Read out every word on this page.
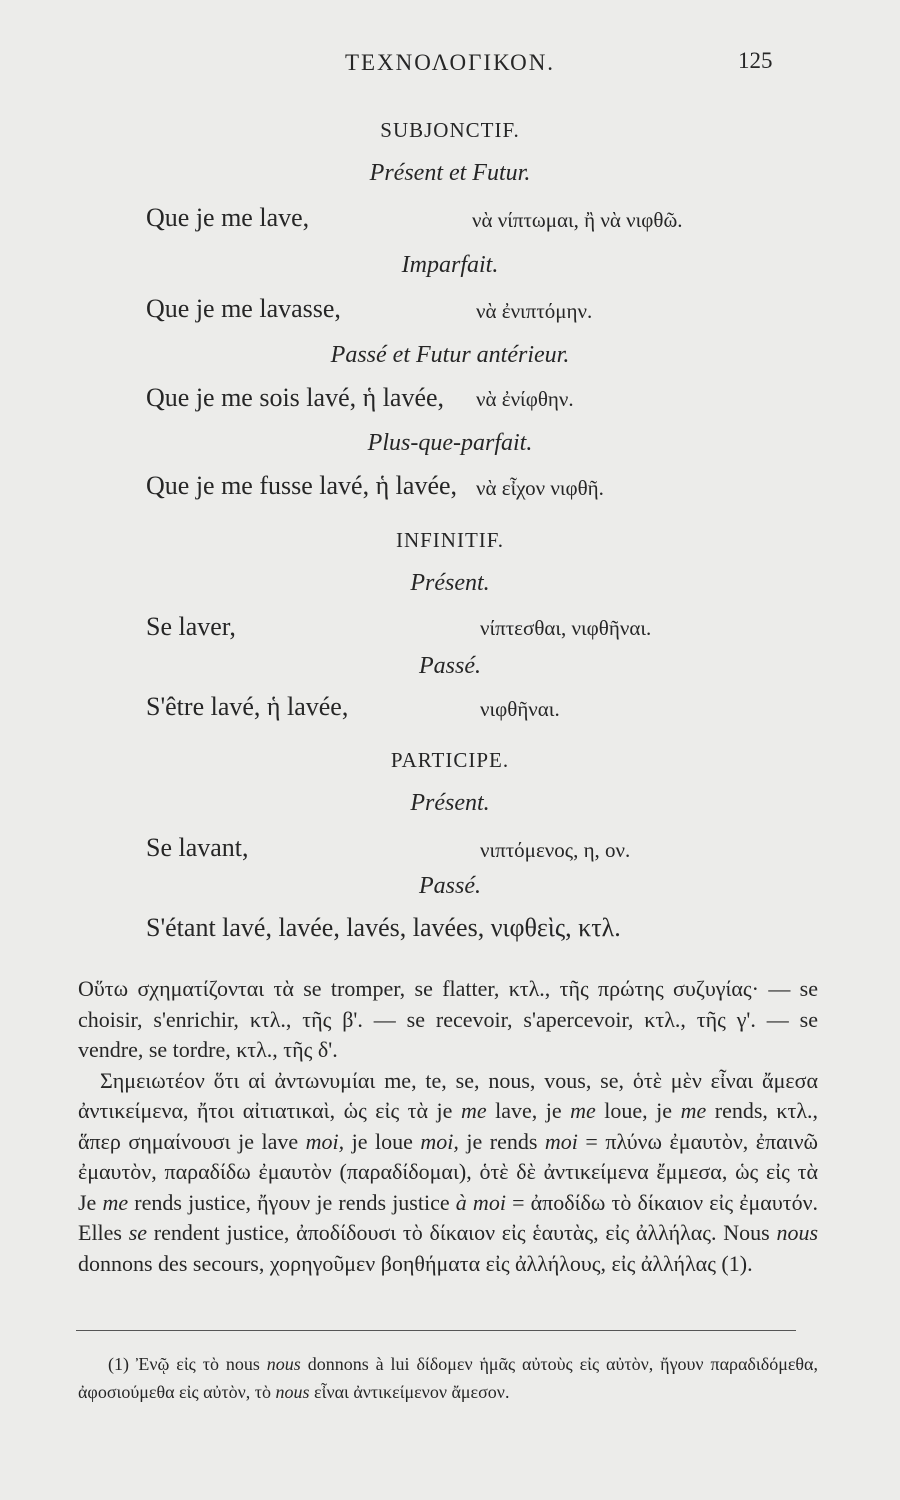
ΤΕΧΝΟΛΟΓΙΚΟΝ.	125
SUBJONCTIF.
Présent et Futur.
Que je me lave,	νὰ νίπτωμαι, ἢ νὰ νιφθῶ.
Imparfait.
Que je me lavasse,	νὰ ἐνιπτόμην.
Passé et Futur antérieur.
Que je me sois lavé, ἡ lavée, νὰ ἐνίφθην.
Plus-que-parfait.
Que je me fusse lavé, ἡ lavée, νὰ εἶχον νιφθῆ.
INFINITIF.
Présent.
Se laver,	νίπτεσθαι, νιφθῆναι.
Passé.
S'être lavé, ἡ lavée,	νιφθῆναι.
PARTICIPE.
Présent.
Se lavant,	νιπτόμενος, η, ον.
Passé.
S'étant lavé, lavée, lavés, lavées, νιφθεὶς, κτλ.

Οὕτω σχηματίζονται τὰ se tromper, se flatter, κτλ., τῆς πρώτης συζυγίας· — se choisir, s'enrichir, κτλ., τῆς β'. — se recevoir, s'apercevoir, κτλ., τῆς γ'. — se vendre, se tordre, κτλ., τῆς δ'.

Σημειωτέον ὅτι αἱ ἀντωνυμίαι me, te, se, nous, vous, se, ὁτὲ μὲν εἶναι ἄμεσα ἀντικείμενα, ἤτοι αἰτιατικαὶ, ὡς εἰς τὰ je me lave, je me loue, je me rends, κτλ., ἅπερ σημαίνουσι je lave moi, je loue moi, je rends moi = πλύνω ἐμαυτὸν, ἐπαινῶ ἐμαυτὸν, παραδίδω ἐμαυτὸν (παραδίδομαι), ὁτὲ δὲ ἀντικείμενα ἔμμεσα, ὡς εἰς τὰ Je me rends justice, ἤγουν je rends justice à moi = ἀποδίδω τὸ δίκαιον εἰς ἐμαυτόν. Elles se rendent justice, ἀποδίδουσι τὸ δίκαιον εἰς ἑαυτὰς, εἰς ἀλλήλας. Nous nous donnons des secours, χορηγοῦμεν βοηθήματα εἰς ἀλλήλους, εἰς ἀλλήλας (1).

(1) Ἐνῷ εἰς τὸ nous nous donnons à lui δίδομεν ἡμᾶς αὐτοὺς εἰς αὐτὸν, ἤγουν παραδιδόμεθα, ἀφοσιούμεθα εἰς αὐτὸν, τὸ nous εἶναι ἀντικείμενον ἄμεσον.
